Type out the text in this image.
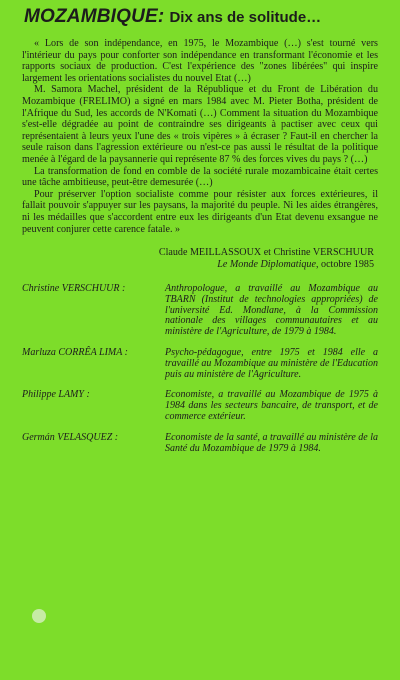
MOZAMBIQUE: Dix ans de solitude…

« Lors de son indépendance, en 1975, le Mozambique (…) s'est tourné vers l'intérieur du pays pour conforter son indépendance en transformant l'économie et les rapports sociaux de production. C'est l'expérience des "zones libérées" qui inspire largement les orientations socialistes du nouvel Etat (…)

M. Samora Machel, président de la République et du Front de Libération du Mozambique (FRELIMO) a signé en mars 1984 avec M. Pieter Botha, président de l'Afrique du Sud, les accords de N'Komati (…) Comment la situation du Mozambique s'est-elle dégradée au point de contraindre ses dirigeants à pactiser avec ceux qui représentaient à leurs yeux l'une des « trois vipères » à écraser ? Faut-il en chercher la seule raison dans l'agression extérieure ou n'est-ce pas aussi le résultat de la politique menée à l'égard de la paysannerie qui représente 87 % des forces vives du pays ? (…)

La transformation de fond en comble de la société rurale mozambicaine était certes une tâche ambitieuse, peut-être demesurée (…)

Pour préserver l'option socialiste comme pour résister aux forces extérieures, il fallait pouvoir s'appuyer sur les paysans, la majorité du peuple. Ni les aides étrangères, ni les médailles que s'accordent entre eux les dirigeants d'un Etat devenu exsangue ne peuvent conjurer cette carence fatale. »

Claude MEILLASSOUX et Christine VERSCHUUR
Le Monde Diplomatique, octobre 1985
Christine VERSCHUUR :	Anthropologue, a travaillé au Mozambique au TBARN (Institut de technologies appropriées) de l'université Ed. Mondlane, à la Commission nationale des villages communautaires et au ministère de l'Agriculture, de 1979 à 1984.

Marluza CORRÊA LIMA :	Psycho-pédagogue, entre 1975 et 1984 elle a travaillé au Mozambique au ministère de l'Education puis au ministère de l'Agriculture.

Philippe LAMY :	Economiste, a travaillé au Mozambique de 1975 à 1984 dans les secteurs bancaire, de transport, et de commerce extérieur.

Germán VELASQUEZ :	Economiste de la santé, a travaillé au ministère de la Santé du Mozambique de 1979 à 1984.
